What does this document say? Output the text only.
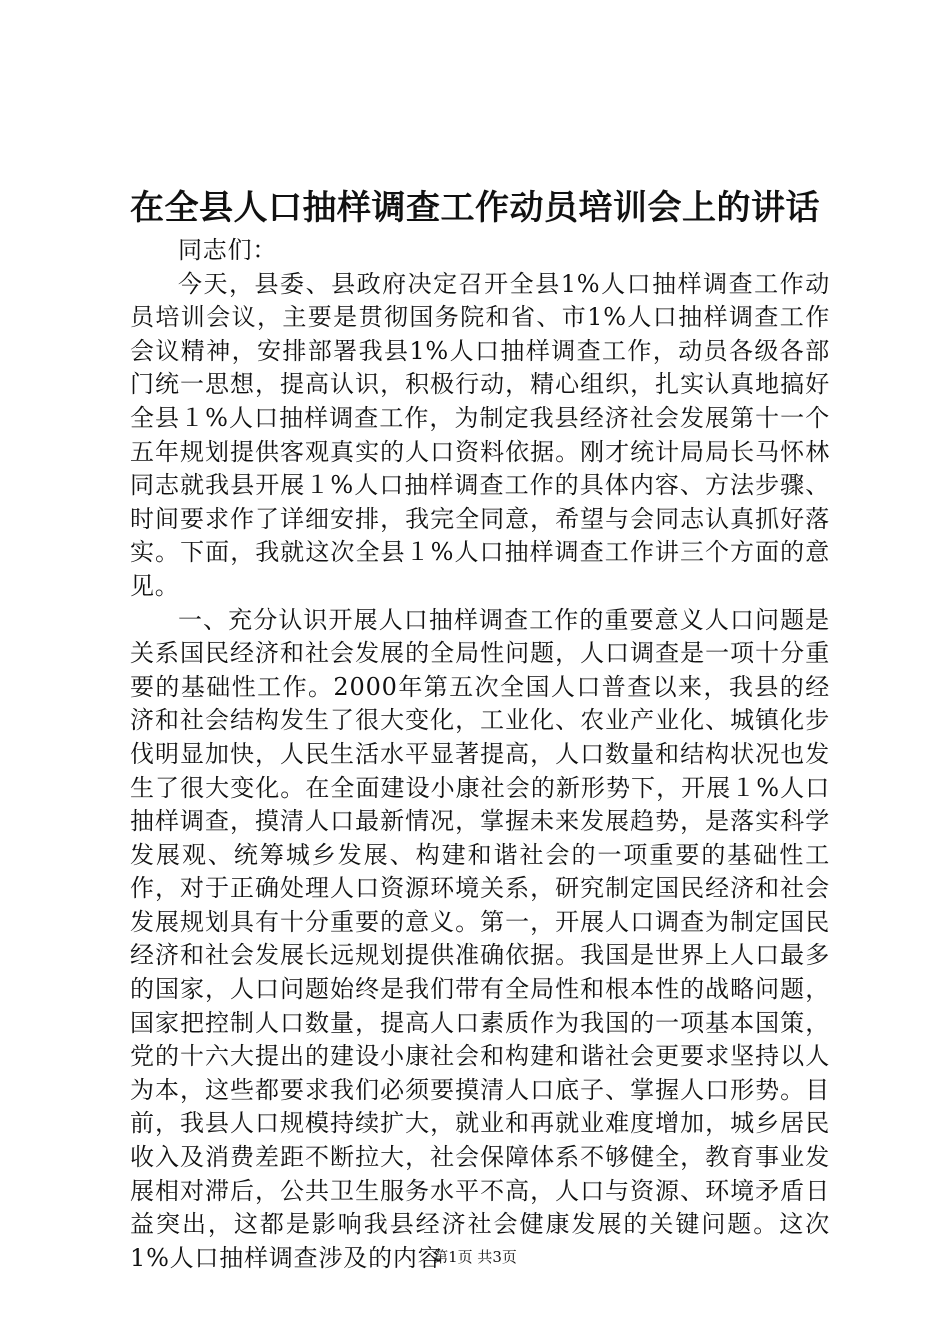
在全县人口抽样调查工作动员培训会上的讲话

同志们：

今天，县委、县政府决定召开全县1%人口抽样调查工作动员培训会议，主要是贯彻国务院和省、市1%人口抽样调查工作会议精神，安排部署我县1%人口抽样调查工作，动员各级各部门统一思想，提高认识，积极行动，精心组织，扎实认真地搞好全县１%人口抽样调查工作，为制定我县经济社会发展第十一个五年规划提供客观真实的人口资料依据。刚才统计局局长马怀林同志就我县开展１%人口抽样调查工作的具体内容、方法步骤、时间要求作了详细安排，我完全同意，希望与会同志认真抓好落实。下面，我就这次全县１%人口抽样调查工作讲三个方面的意见。

一、充分认识开展人口抽样调查工作的重要意义人口问题是关系国民经济和社会发展的全局性问题，人口调查是一项十分重要的基础性工作。2000年第五次全国人口普查以来，我县的经济和社会结构发生了很大变化，工业化、农业产业化、城镇化步伐明显加快，人民生活水平显著提高，人口数量和结构状况也发生了很大变化。在全面建设小康社会的新形势下，开展１%人口抽样调查，摸清人口最新情况，掌握未来发展趋势，是落实科学发展观、统筹城乡发展、构建和谐社会的一项重要的基础性工作，对于正确处理人口资源环境关系，研究制定国民经济和社会发展规划具有十分重要的意义。第一，开展人口调查为制定国民经济和社会发展长远规划提供准确依据。我国是世界上人口最多的国家，人口问题始终是我们带有全局性和根本性的战略问题，国家把控制人口数量，提高人口素质作为我国的一项基本国策，党的十六大提出的建设小康社会和构建和谐社会更要求坚持以人为本，这些都要求我们必须要摸清人口底子、掌握人口形势。目前，我县人口规模持续扩大，就业和再就业难度增加，城乡居民收入及消费差距不断拉大，社会保障体系不够健全，教育事业发展相对滞后，公共卫生服务水平不高，人口与资源、环境矛盾日益突出，这都是影响我县经济社会健康发展的关键问题。这次1%人口抽样调查涉及的内容

第1页 共3页
